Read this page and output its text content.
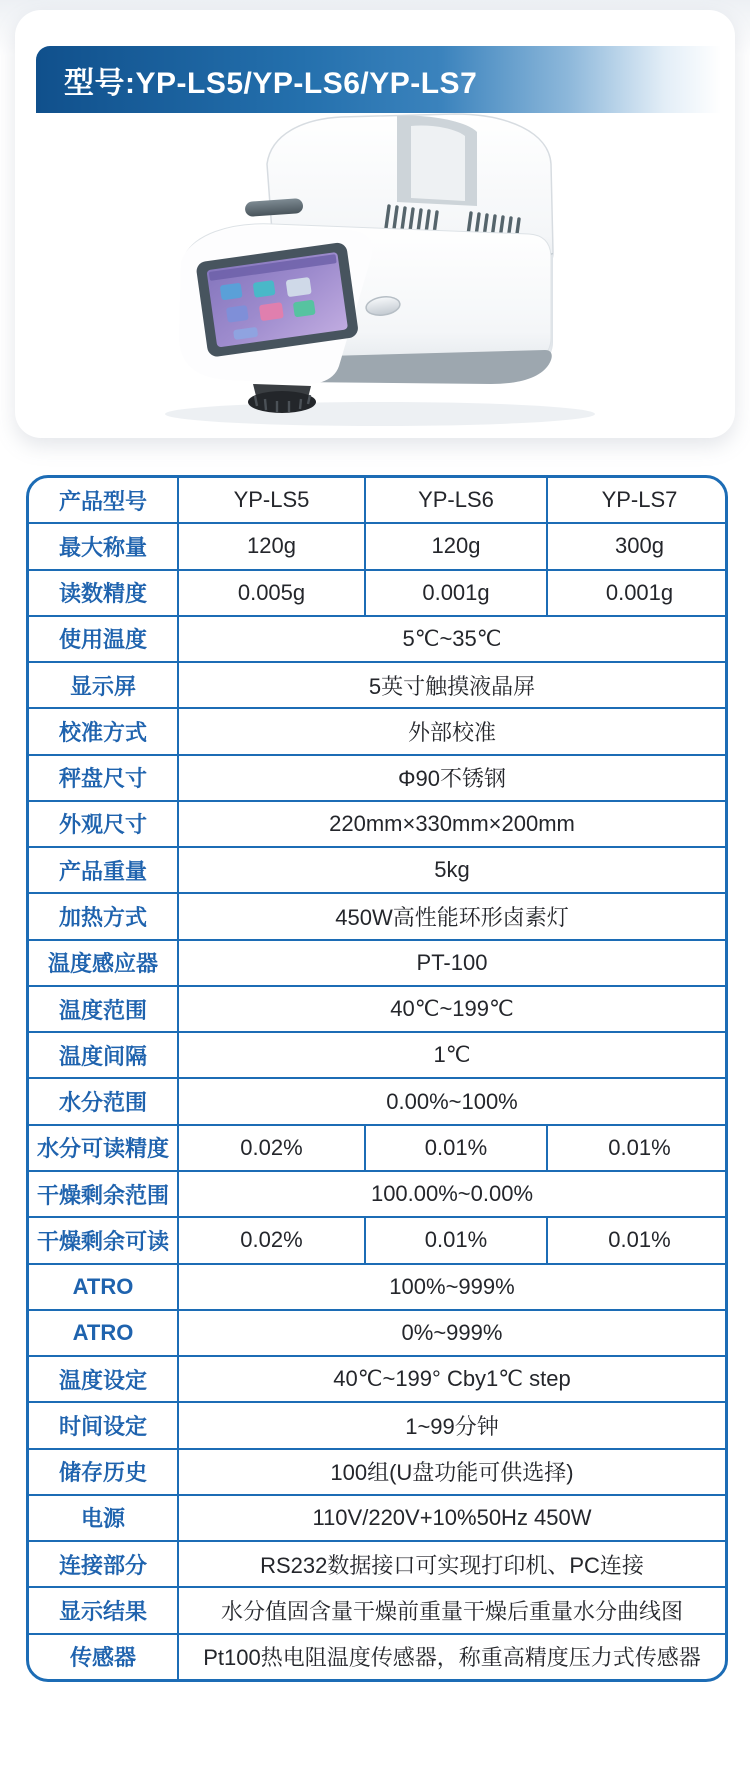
型号:YP-LS5/YP-LS6/YP-LS7
产品型号	YP-LS5	YP-LS6	YP-LS7
最大称量	120g	120g	300g
读数精度	0.005g	0.001g	0.001g
使用温度	5℃~35℃
显示屏	5英寸触摸液晶屏
校准方式	外部校准
秤盘尺寸	Φ90不锈钢
外观尺寸	220mm×330mm×200mm
产品重量	5kg
加热方式	450W高性能环形卤素灯
温度感应器	PT-100
温度范围	40℃~199℃
温度间隔	1℃
水分范围	0.00%~100%
水分可读精度	0.02%	0.01%	0.01%
干燥剩余范围	100.00%~0.00%
干燥剩余可读	0.02%	0.01%	0.01%
ATRO	100%~999%
ATRO	0%~999%
温度设定	40℃~199° Cby1℃ step
时间设定	1~99分钟
储存历史	100组(U盘功能可供选择)
电源	110V/220V+10%50Hz 450W
连接部分	RS232数据接口可实现打印机、PC连接
显示结果	水分值固含量干燥前重量干燥后重量水分曲线图
传感器	Pt100热电阻温度传感器，称重高精度压力式传感器
